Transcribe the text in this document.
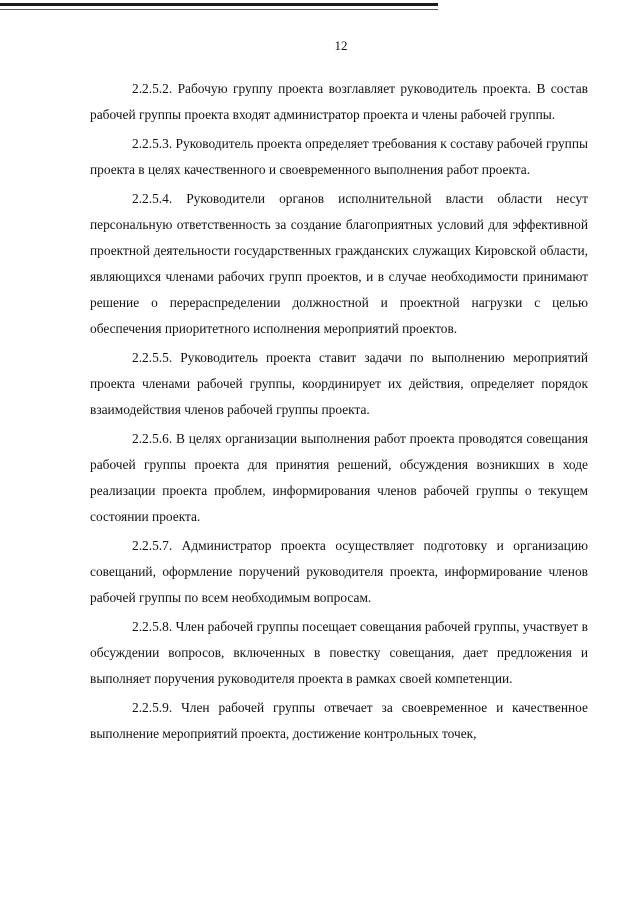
12

2.2.5.2. Рабочую группу проекта возглавляет руководитель проекта. В состав рабочей группы проекта входят администратор проекта и члены рабочей группы.

2.2.5.3. Руководитель проекта определяет требования к составу рабочей группы проекта в целях качественного и своевременного выполнения работ проекта.

2.2.5.4. Руководители органов исполнительной власти области несут персональную ответственность за создание благоприятных условий для эффективной проектной деятельности государственных гражданских служащих Кировской области, являющихся членами рабочих групп проектов, и в случае необходимости принимают решение о перераспределении должностной и проектной нагрузки с целью обеспечения приоритетного исполнения мероприятий проектов.

2.2.5.5. Руководитель проекта ставит задачи по выполнению мероприятий проекта членами рабочей группы, координирует их действия, определяет порядок взаимодействия членов рабочей группы проекта.

2.2.5.6. В целях организации выполнения работ проекта проводятся совещания рабочей группы проекта для принятия решений, обсуждения возникших в ходе реализации проекта проблем, информирования членов рабочей группы о текущем состоянии проекта.

2.2.5.7. Администратор проекта осуществляет подготовку и организацию совещаний, оформление поручений руководителя проекта, информирование членов рабочей группы по всем необходимым вопросам.

2.2.5.8. Член рабочей группы посещает совещания рабочей группы, участвует в обсуждении вопросов, включенных в повестку совещания, дает предложения и выполняет поручения руководителя проекта в рамках своей компетенции.

2.2.5.9. Член рабочей группы отвечает за своевременное и качественное выполнение мероприятий проекта, достижение контрольных точек,
